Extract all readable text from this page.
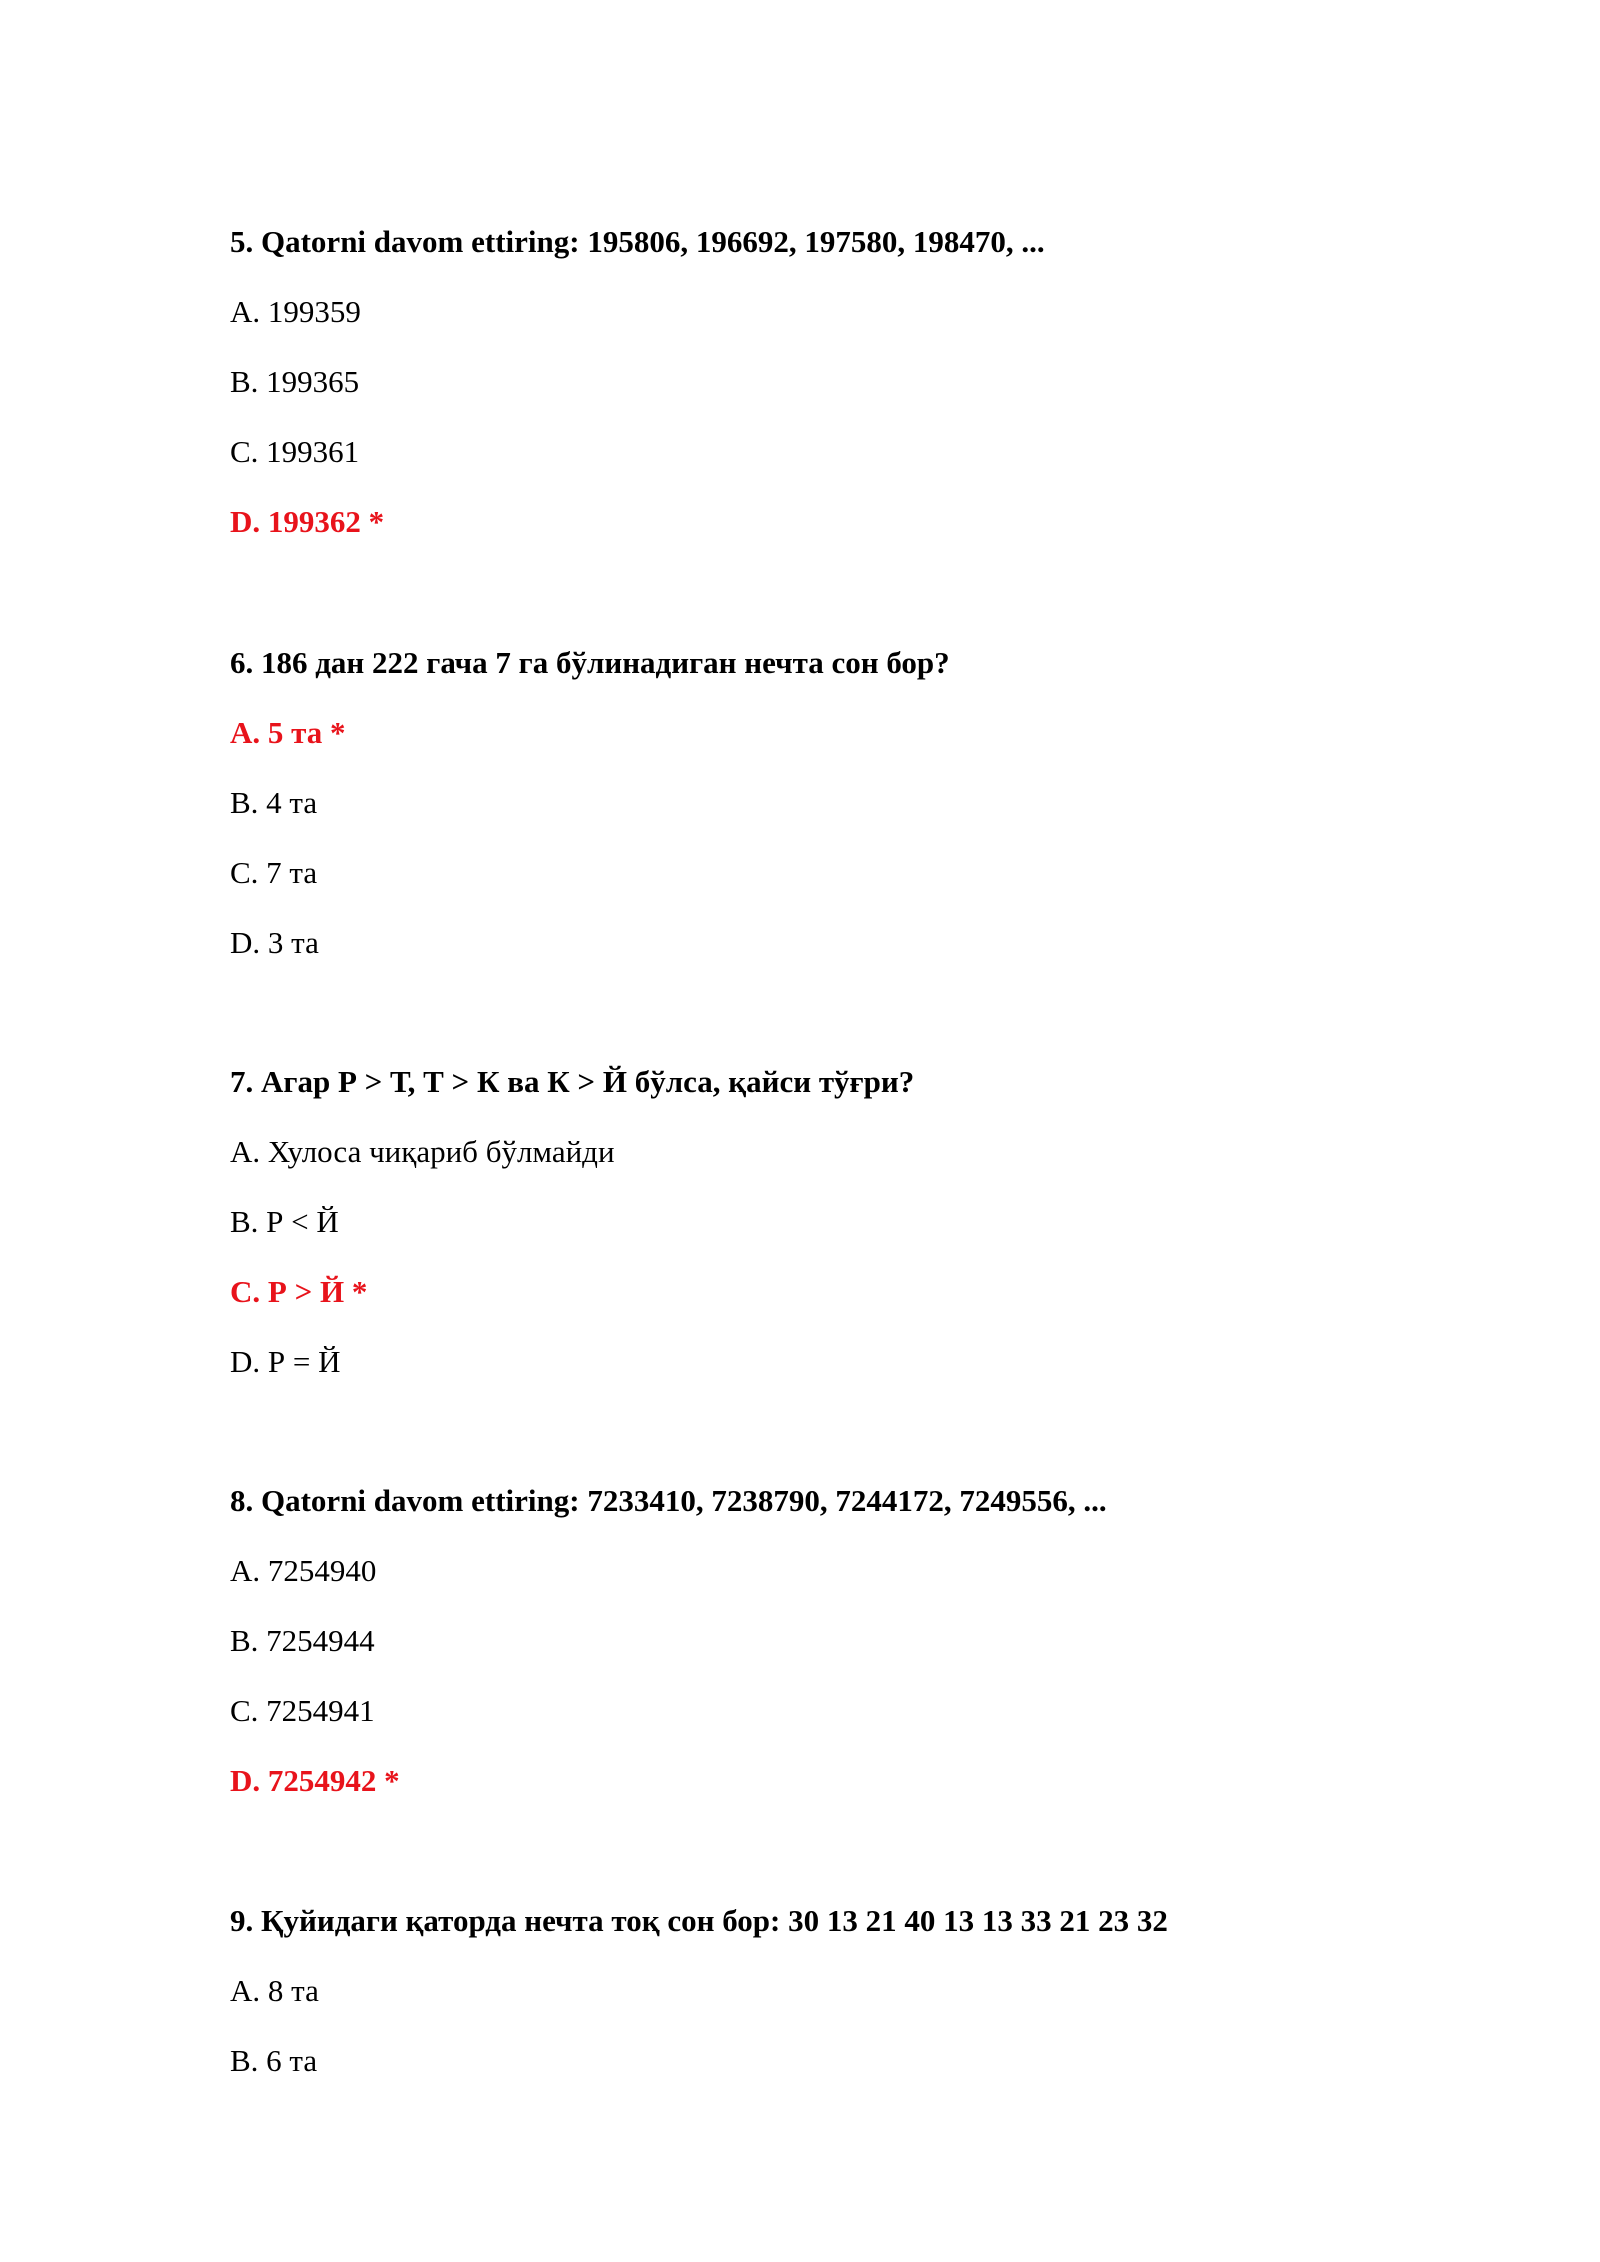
5. Qatorni davom ettiring: 195806, 196692, 197580, 198470, ...
A. 199359
B. 199365
C. 199361
D. 199362 *
6. 186 дан 222 гача 7 га бўлинадиган нечта сон бор?
A. 5 та *
B. 4 та
C. 7 та
D. 3 та
7. Агар Р > Т, Т > К ва К > Й бўлса, қайси тўғри?
A. Хулоса чиқариб бўлмайди
B. Р < Й
C. Р > Й *
D. Р = Й
8. Qatorni davom ettiring: 7233410, 7238790, 7244172, 7249556, ...
A. 7254940
B. 7254944
C. 7254941
D. 7254942 *
9. Қуйидаги қаторда нечта тоқ сон бор: 30 13 21 40 13 13 33 21 23 32
A. 8 та
B. 6 та
